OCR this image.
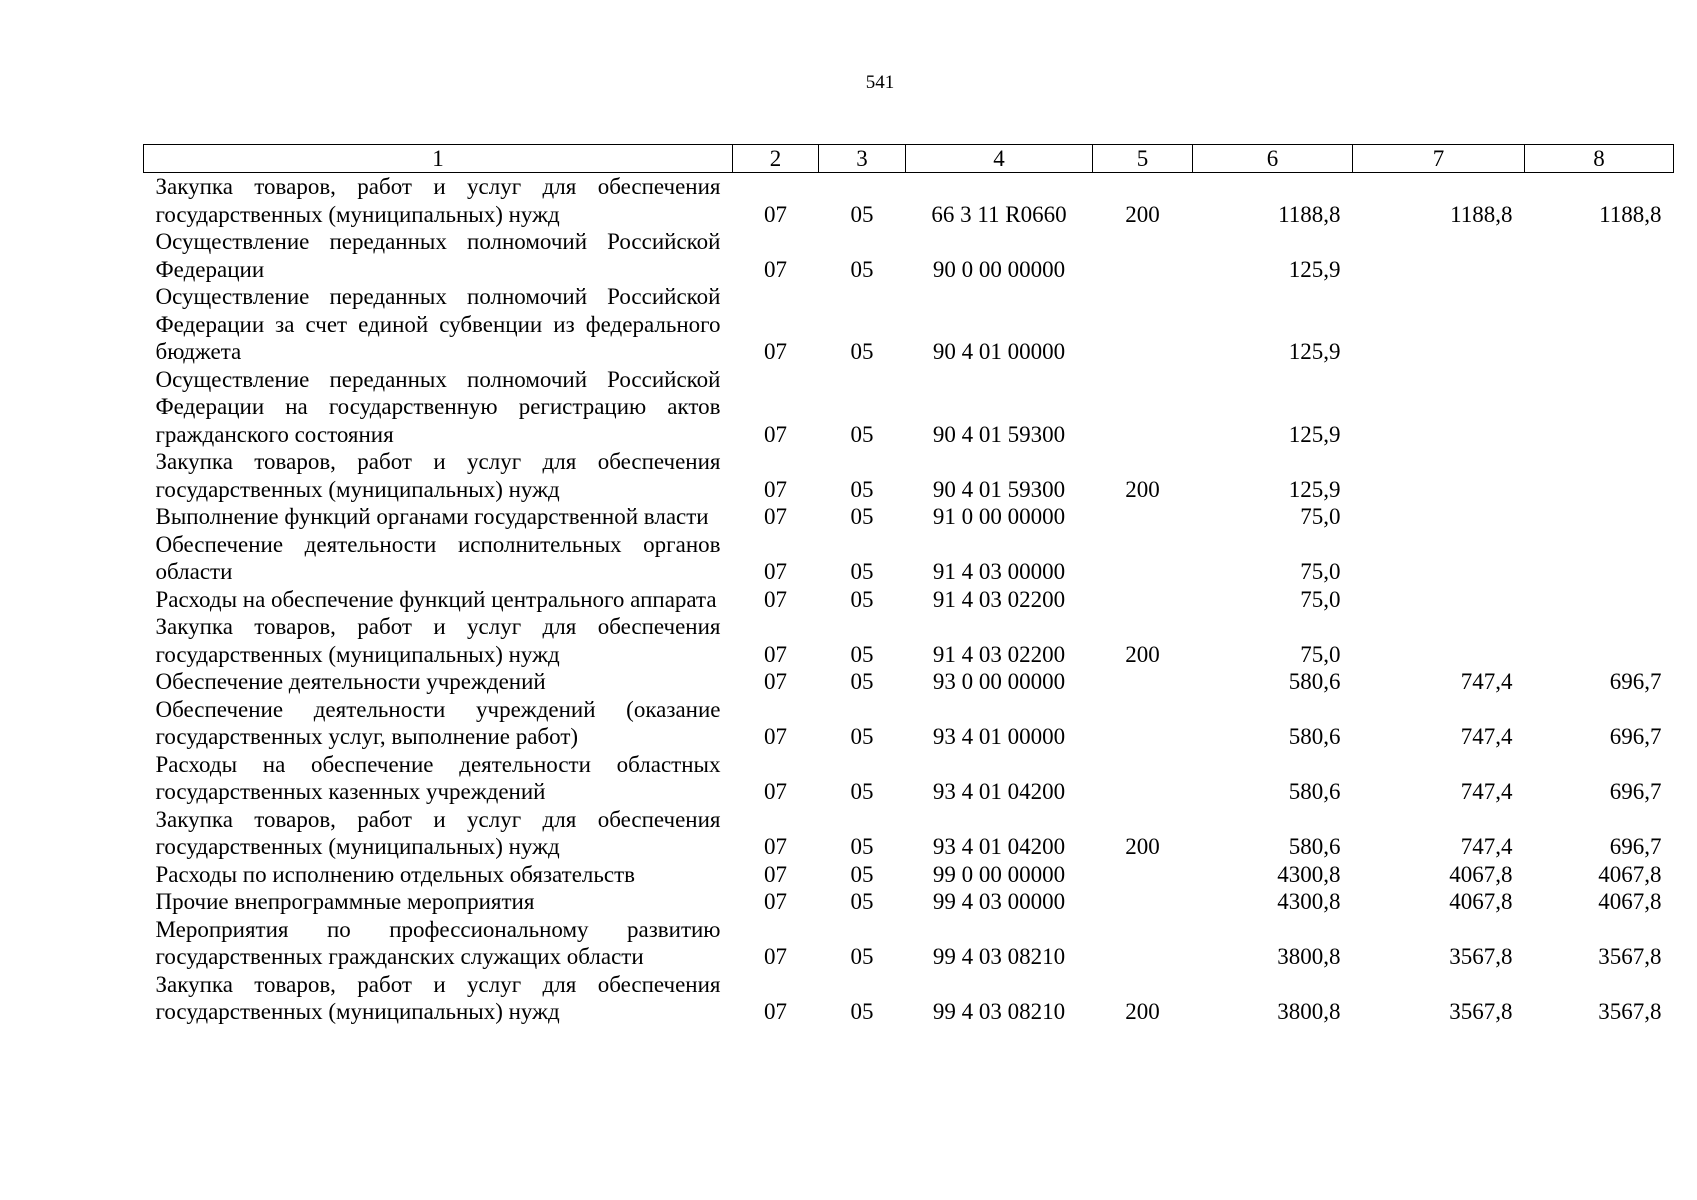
541
1	2	3	4	5	6	7	8
Закупка товаров, работ и услуг для обеспечения государственных (муниципальных) нужд	07	05	66 3 11 R0660	200	1188,8	1188,8	1188,8
Осуществление переданных полномочий Российской Федерации	07	05	90 0 00 00000		125,9		
Осуществление переданных полномочий Российской Федерации за счет единой субвенции из федерального бюджета	07	05	90 4 01 00000		125,9		
Осуществление переданных полномочий Российской Федерации на государственную регистрацию актов гражданского состояния	07	05	90 4 01 59300		125,9		
Закупка товаров, работ и услуг для обеспечения государственных (муниципальных) нужд	07	05	90 4 01 59300	200	125,9		
Выполнение функций органами государственной власти	07	05	91 0 00 00000		75,0		
Обеспечение деятельности исполнительных органов области	07	05	91 4 03 00000		75,0		
Расходы на обеспечение функций центрального аппарата	07	05	91 4 03 02200		75,0		
Закупка товаров, работ и услуг для обеспечения государственных (муниципальных) нужд	07	05	91 4 03 02200	200	75,0		
Обеспечение деятельности учреждений	07	05	93 0 00 00000		580,6	747,4	696,7
Обеспечение деятельности учреждений (оказание государственных услуг, выполнение работ)	07	05	93 4 01 00000		580,6	747,4	696,7
Расходы на обеспечение деятельности областных государственных казенных учреждений	07	05	93 4 01 04200		580,6	747,4	696,7
Закупка товаров, работ и услуг для обеспечения государственных (муниципальных) нужд	07	05	93 4 01 04200	200	580,6	747,4	696,7
Расходы по исполнению отдельных обязательств	07	05	99 0 00 00000		4300,8	4067,8	4067,8
Прочие внепрограммные мероприятия	07	05	99 4 03 00000		4300,8	4067,8	4067,8
Мероприятия по профессиональному развитию государственных гражданских служащих области	07	05	99 4 03 08210		3800,8	3567,8	3567,8
Закупка товаров, работ и услуг для обеспечения государственных (муниципальных) нужд	07	05	99 4 03 08210	200	3800,8	3567,8	3567,8
